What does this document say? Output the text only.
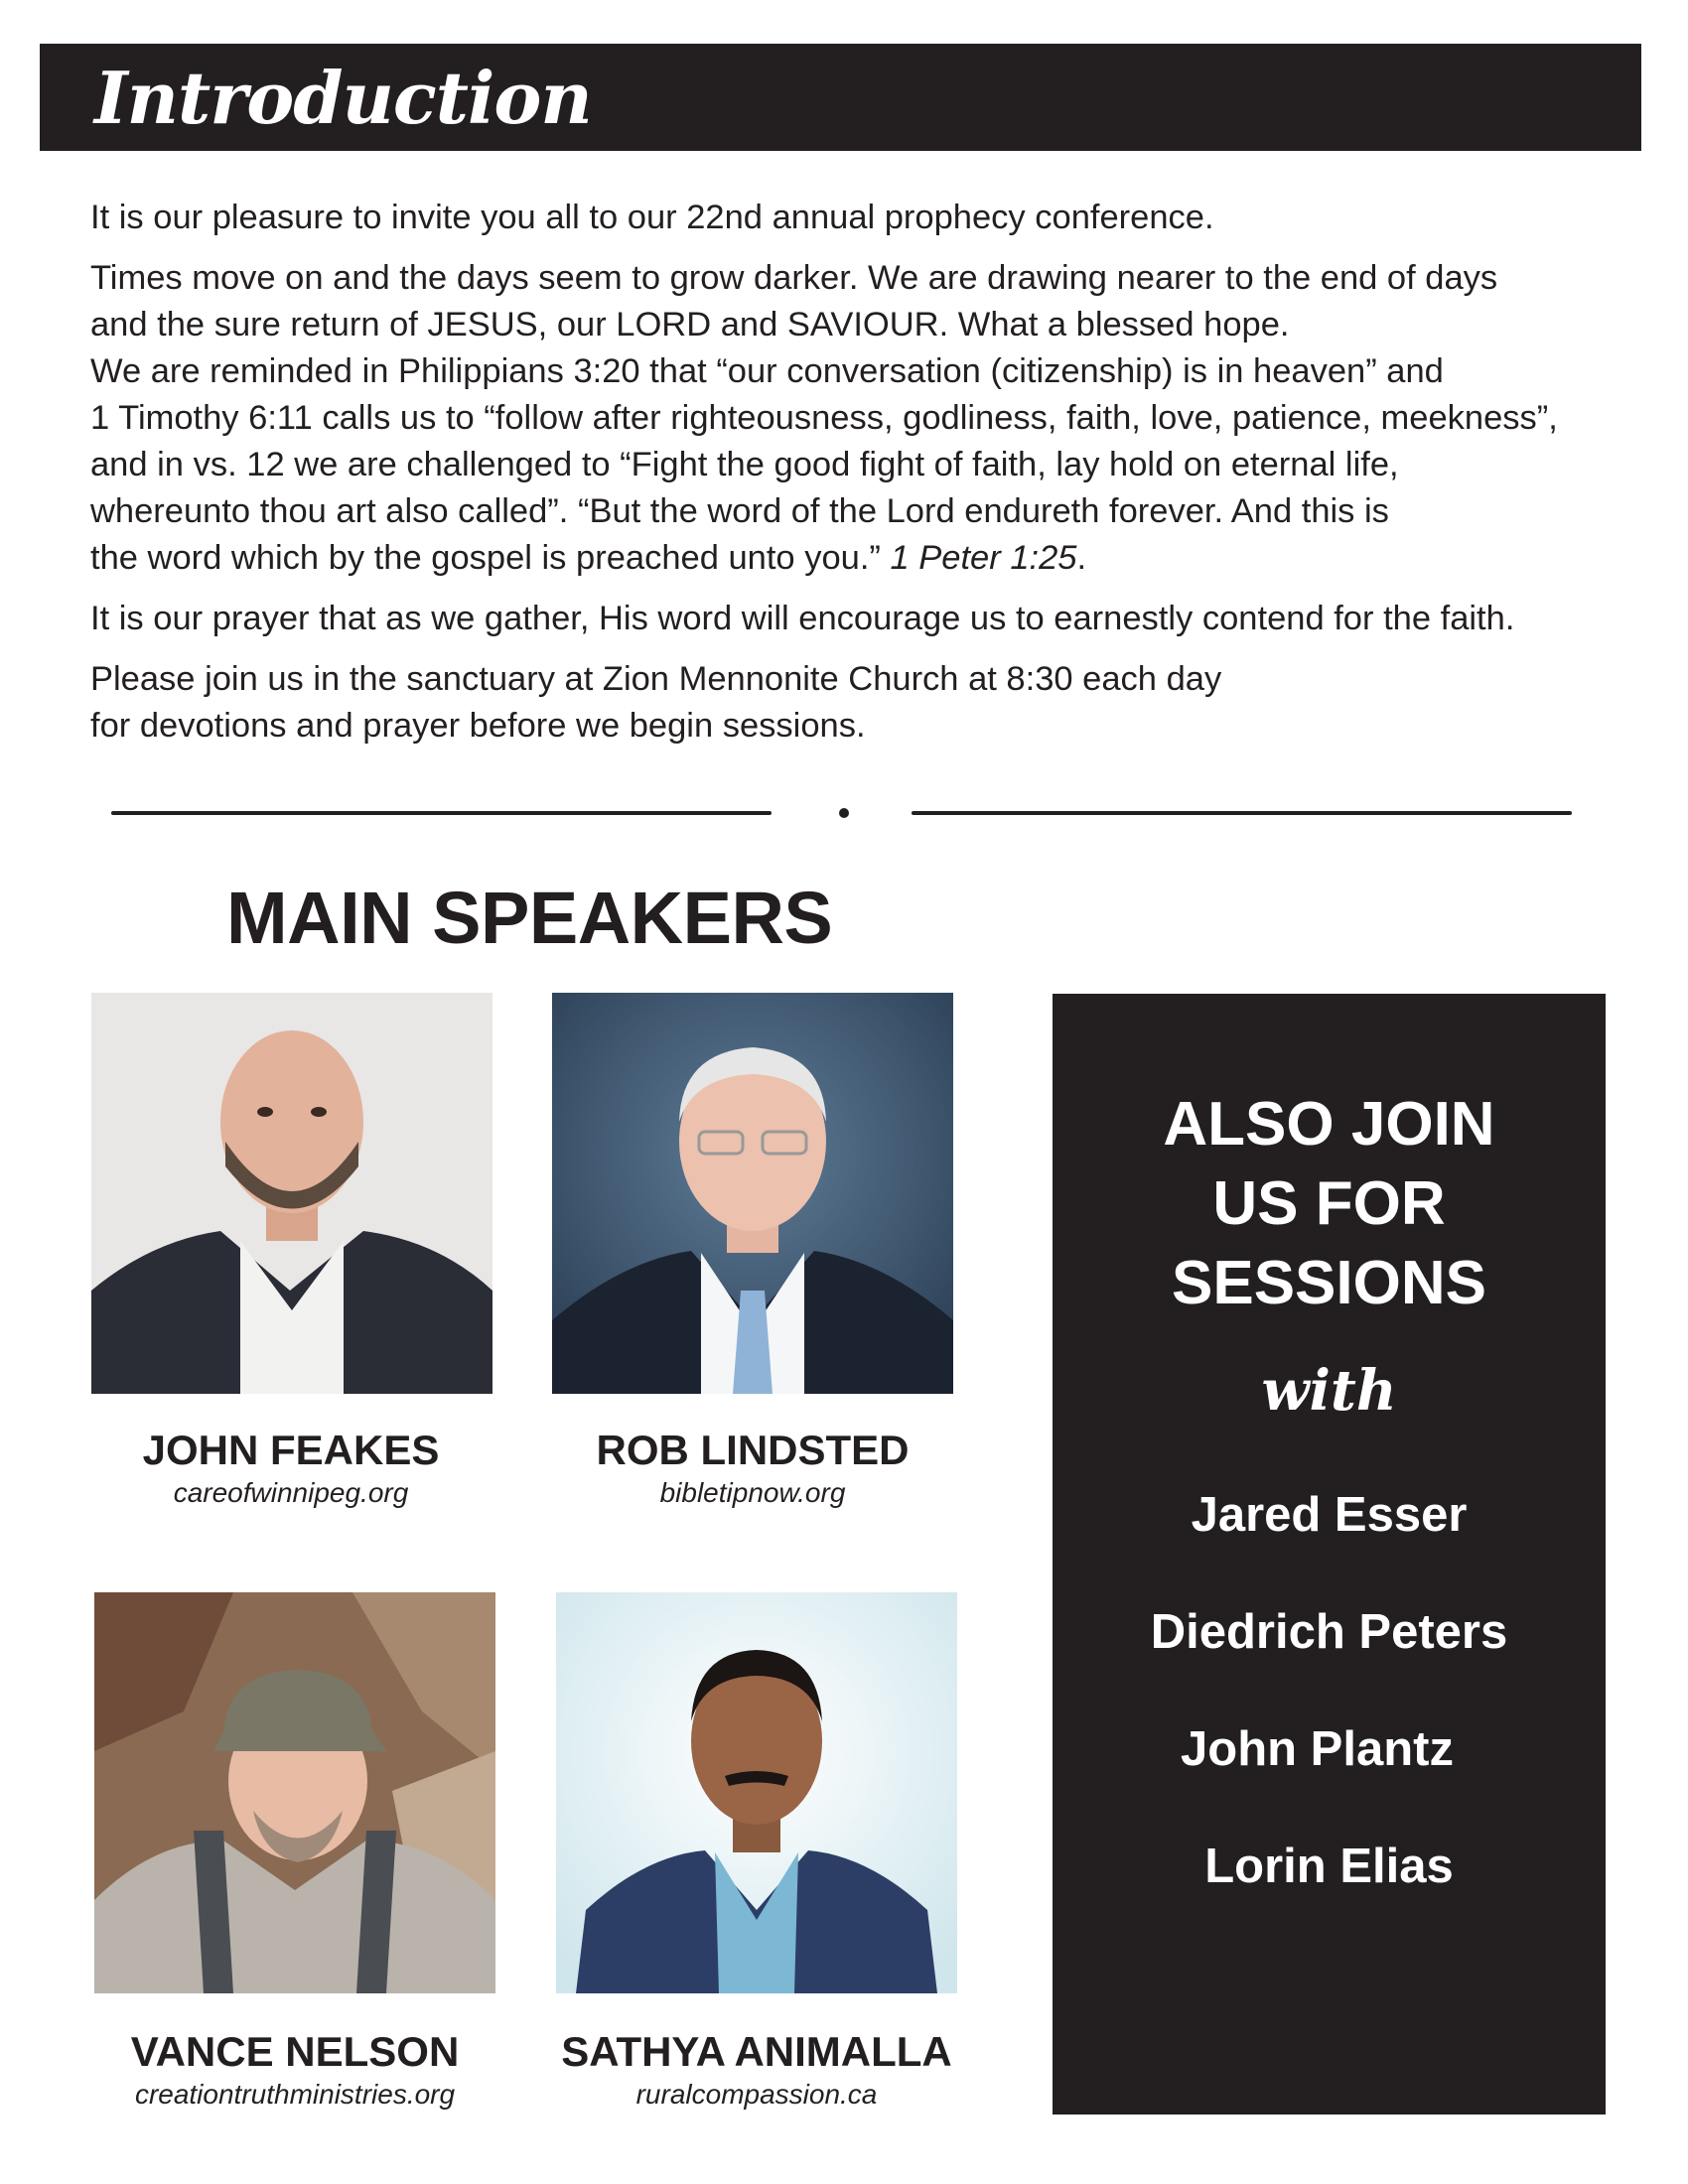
Introduction

It is our pleasure to invite you all to our 22nd annual prophecy conference.

Times move on and the days seem to grow darker. We are drawing nearer to the end of days
and the sure return of JESUS, our LORD and SAVIOUR. What a blessed hope.
We are reminded in Philippians 3:20 that “our conversation (citizenship) is in heaven” and
1 Timothy 6:11 calls us to “follow after righteousness, godliness, faith, love, patience, meekness”,
and in vs. 12 we are challenged to “Fight the good fight of faith, lay hold on eternal life,
whereunto thou art also called”. “But the word of the Lord endureth forever. And this is
the word which by the gospel is preached unto you.” 1 Peter 1:25.

It is our prayer that as we gather, His word will encourage us to earnestly contend for the faith.

Please join us in the sanctuary at Zion Mennonite Church at 8:30 each day
for devotions and prayer before we begin sessions.

MAIN SPEAKERS
JOHN FEAKES
careofwinnipeg.org
ROB LINDSTED
bibletipnow.org
VANCE NELSON
creationtruthministries.org
SATHYA ANIMALLA
ruralcompassion.ca
ALSO JOIN
US FOR
SESSIONS
with
Jared Esser
Diedrich Peters
John Plantz
Lorin Elias
